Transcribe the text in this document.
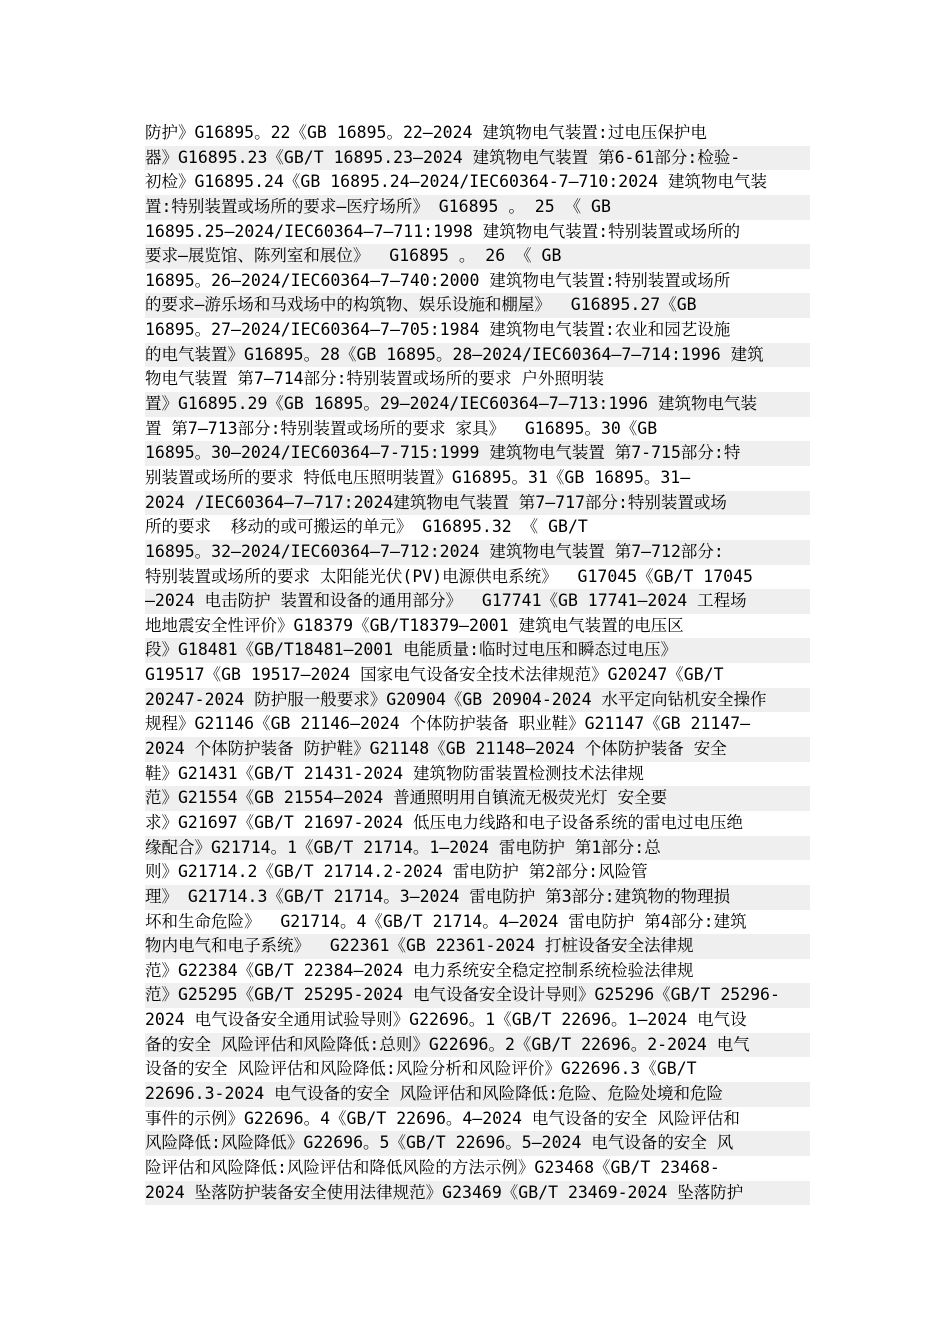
防护》G16895。22《GB 16895。22—2024 建筑物电气装置:过电压保护电
器》G16895.23《GB/T 16895.23—2024 建筑物电气装置 第6-61部分:检验-
初检》G16895.24《GB 16895.24—2024/IEC60364-7—710:2024 建筑物电气装
置:特别装置或场所的要求–医疗场所》 G16895 。 25 《 GB
16895.25—2024/IEC60364—7—711:1998 建筑物电气装置:特别装置或场所的
要求—展览馆、陈列室和展位》  G16895 。 26 《 GB
16895。26—2024/IEC60364—7—740:2000 建筑物电气装置:特别装置或场所
的要求—游乐场和马戏场中的构筑物、娱乐设施和棚屋》  G16895.27《GB
16895。27—2024/IEC60364—7—705:1984 建筑物电气装置:农业和园艺设施
的电气装置》G16895。28《GB 16895。28—2024/IEC60364—7—714:1996 建筑
物电气装置 第7—714部分:特别装置或场所的要求 户外照明装
置》G16895.29《GB 16895。29—2024/IEC60364—7—713:1996 建筑物电气装
置 第7—713部分:特别装置或场所的要求 家具》  G16895。30《GB
16895。30—2024/IEC60364—7-715:1999 建筑物电气装置 第7-715部分:特
别装置或场所的要求 特低电压照明装置》G16895。31《GB 16895。31—
2024 /IEC60364—7—717:2024建筑物电气装置 第7—717部分:特别装置或场
所的要求  移动的或可搬运的单元》 G16895.32 《 GB/T
16895。32—2024/IEC60364—7—712:2024 建筑物电气装置 第7—712部分:
特别装置或场所的要求 太阳能光伏(PV)电源供电系统》  G17045《GB/T 17045
—2024 电击防护 装置和设备的通用部分》  G17741《GB 17741—2024 工程场
地地震安全性评价》G18379《GB/T18379—2001 建筑电气装置的电压区
段》G18481《GB/T18481—2001 电能质量:临时过电压和瞬态过电压》
G19517《GB 19517—2024 国家电气设备安全技术法律规范》G20247《GB/T
20247-2024 防护服一般要求》G20904《GB 20904-2024 水平定向钻机安全操作
规程》G21146《GB 21146—2024 个体防护装备 职业鞋》G21147《GB 21147—
2024 个体防护装备 防护鞋》G21148《GB 21148—2024 个体防护装备 安全
鞋》G21431《GB/T 21431-2024 建筑物防雷装置检测技术法律规
范》G21554《GB 21554—2024 普通照明用自镇流无极荧光灯 安全要
求》G21697《GB/T 21697-2024 低压电力线路和电子设备系统的雷电过电压绝
缘配合》G21714。1《GB/T 21714。1—2024 雷电防护 第1部分:总
则》G21714.2《GB/T 21714.2-2024 雷电防护 第2部分:风险管
理》 G21714.3《GB/T 21714。3—2024 雷电防护 第3部分:建筑物的物理损
坏和生命危险》  G21714。4《GB/T 21714。4—2024 雷电防护 第4部分:建筑
物内电气和电子系统》  G22361《GB 22361-2024 打桩设备安全法律规
范》G22384《GB/T 22384—2024 电力系统安全稳定控制系统检验法律规
范》G25295《GB/T 25295-2024 电气设备安全设计导则》G25296《GB/T 25296-
2024 电气设备安全通用试验导则》G22696。1《GB/T 22696。1—2024 电气设
备的安全 风险评估和风险降低:总则》G22696。2《GB/T 22696。2-2024 电气
设备的安全 风险评估和风险降低:风险分析和风险评价》G22696.3《GB/T
22696.3-2024 电气设备的安全 风险评估和风险降低:危险、危险处境和危险
事件的示例》G22696。4《GB/T 22696。4—2024 电气设备的安全 风险评估和
风险降低:风险降低》G22696。5《GB/T 22696。5—2024 电气设备的安全 风
险评估和风险降低:风险评估和降低风险的方法示例》G23468《GB/T 23468-
2024 坠落防护装备安全使用法律规范》G23469《GB/T 23469-2024 坠落防护
